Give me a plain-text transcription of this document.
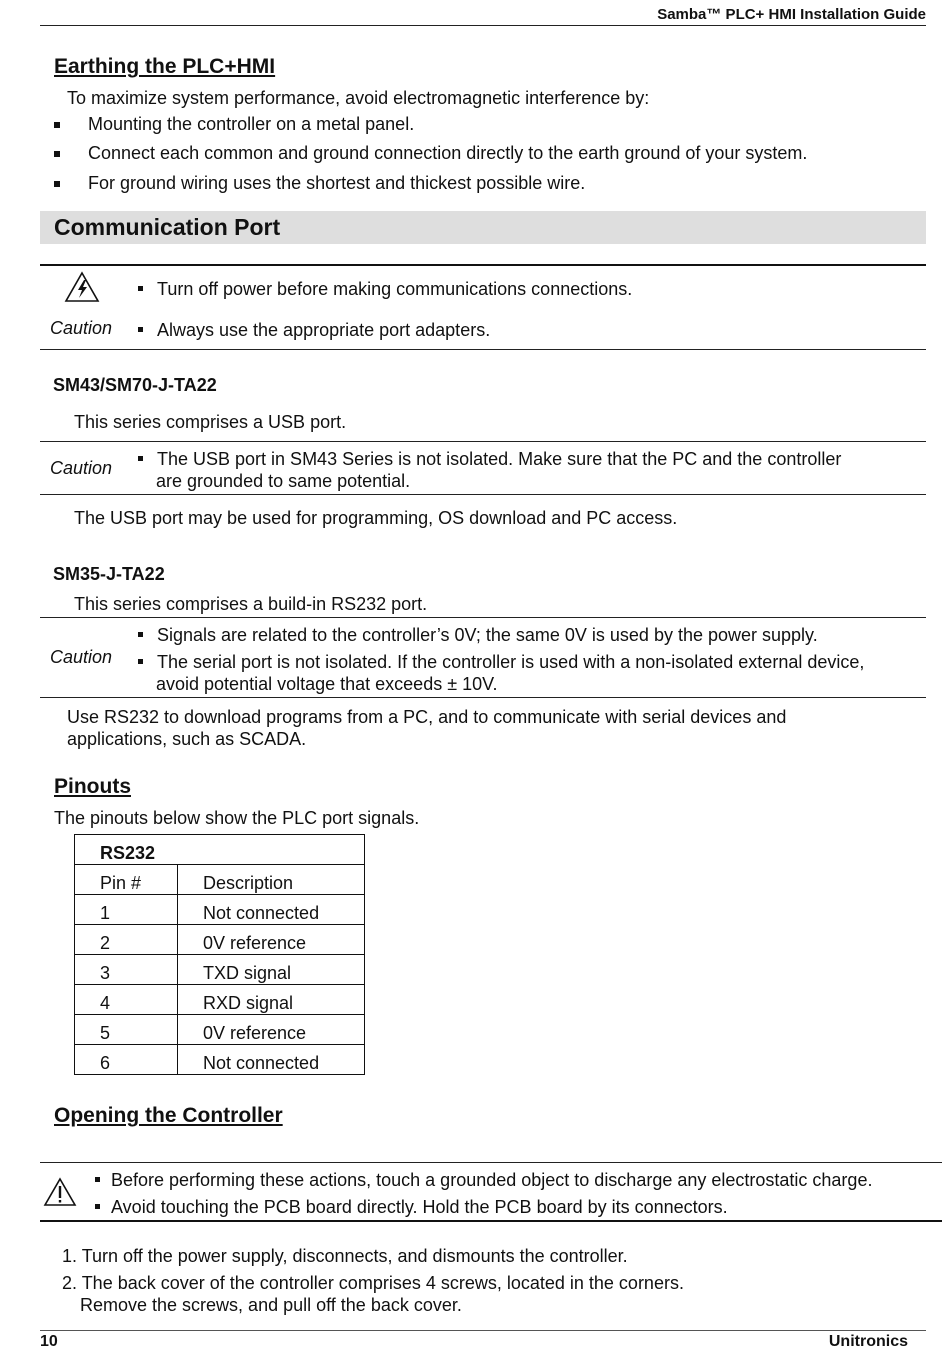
Samba™ PLC+ HMI Installation Guide
Earthing the PLC+HMI
To maximize system performance, avoid electromagnetic interference by:
Mounting the controller on a metal panel.
Connect each common and ground connection directly to the earth ground of your system.
For ground wiring uses the shortest and thickest possible wire.
Communication Port
Caution
Turn off power before making communications connections.
Always use the appropriate port adapters.
SM43/SM70-J-TA22
This series comprises a USB port.
Caution The USB port in SM43 Series is not isolated. Make sure that the PC and the controller
are grounded to same potential.
The USB port may be used for programming, OS download and PC access.
SM35-J-TA22
This series comprises a build-in RS232 port.
Caution
Signals are related to the controller’s 0V; the same 0V is used by the power supply.
The serial port is not isolated. If the controller is used with a non-isolated external device,
avoid potential voltage that exceeds ± 10V.
Use RS232 to download programs from a PC, and to communicate with serial devices and
applications, such as SCADA.
Pinouts
The pinouts below show the PLC port signals.
RS232	
Pin #	Description
1	Not connected
2	0V reference
3	TXD signal
4	RXD signal
5	0V reference
6	Not connected
Opening the Controller
Before performing these actions, touch a grounded object to discharge any electrostatic charge.
Avoid touching the PCB board directly. Hold the PCB board by its connectors.
1. Turn off the power supply, disconnects, and dismounts the controller.
2. The back cover of the controller comprises 4 screws, located in the corners.
Remove the screws, and pull off the back cover.
10	Unitronics
